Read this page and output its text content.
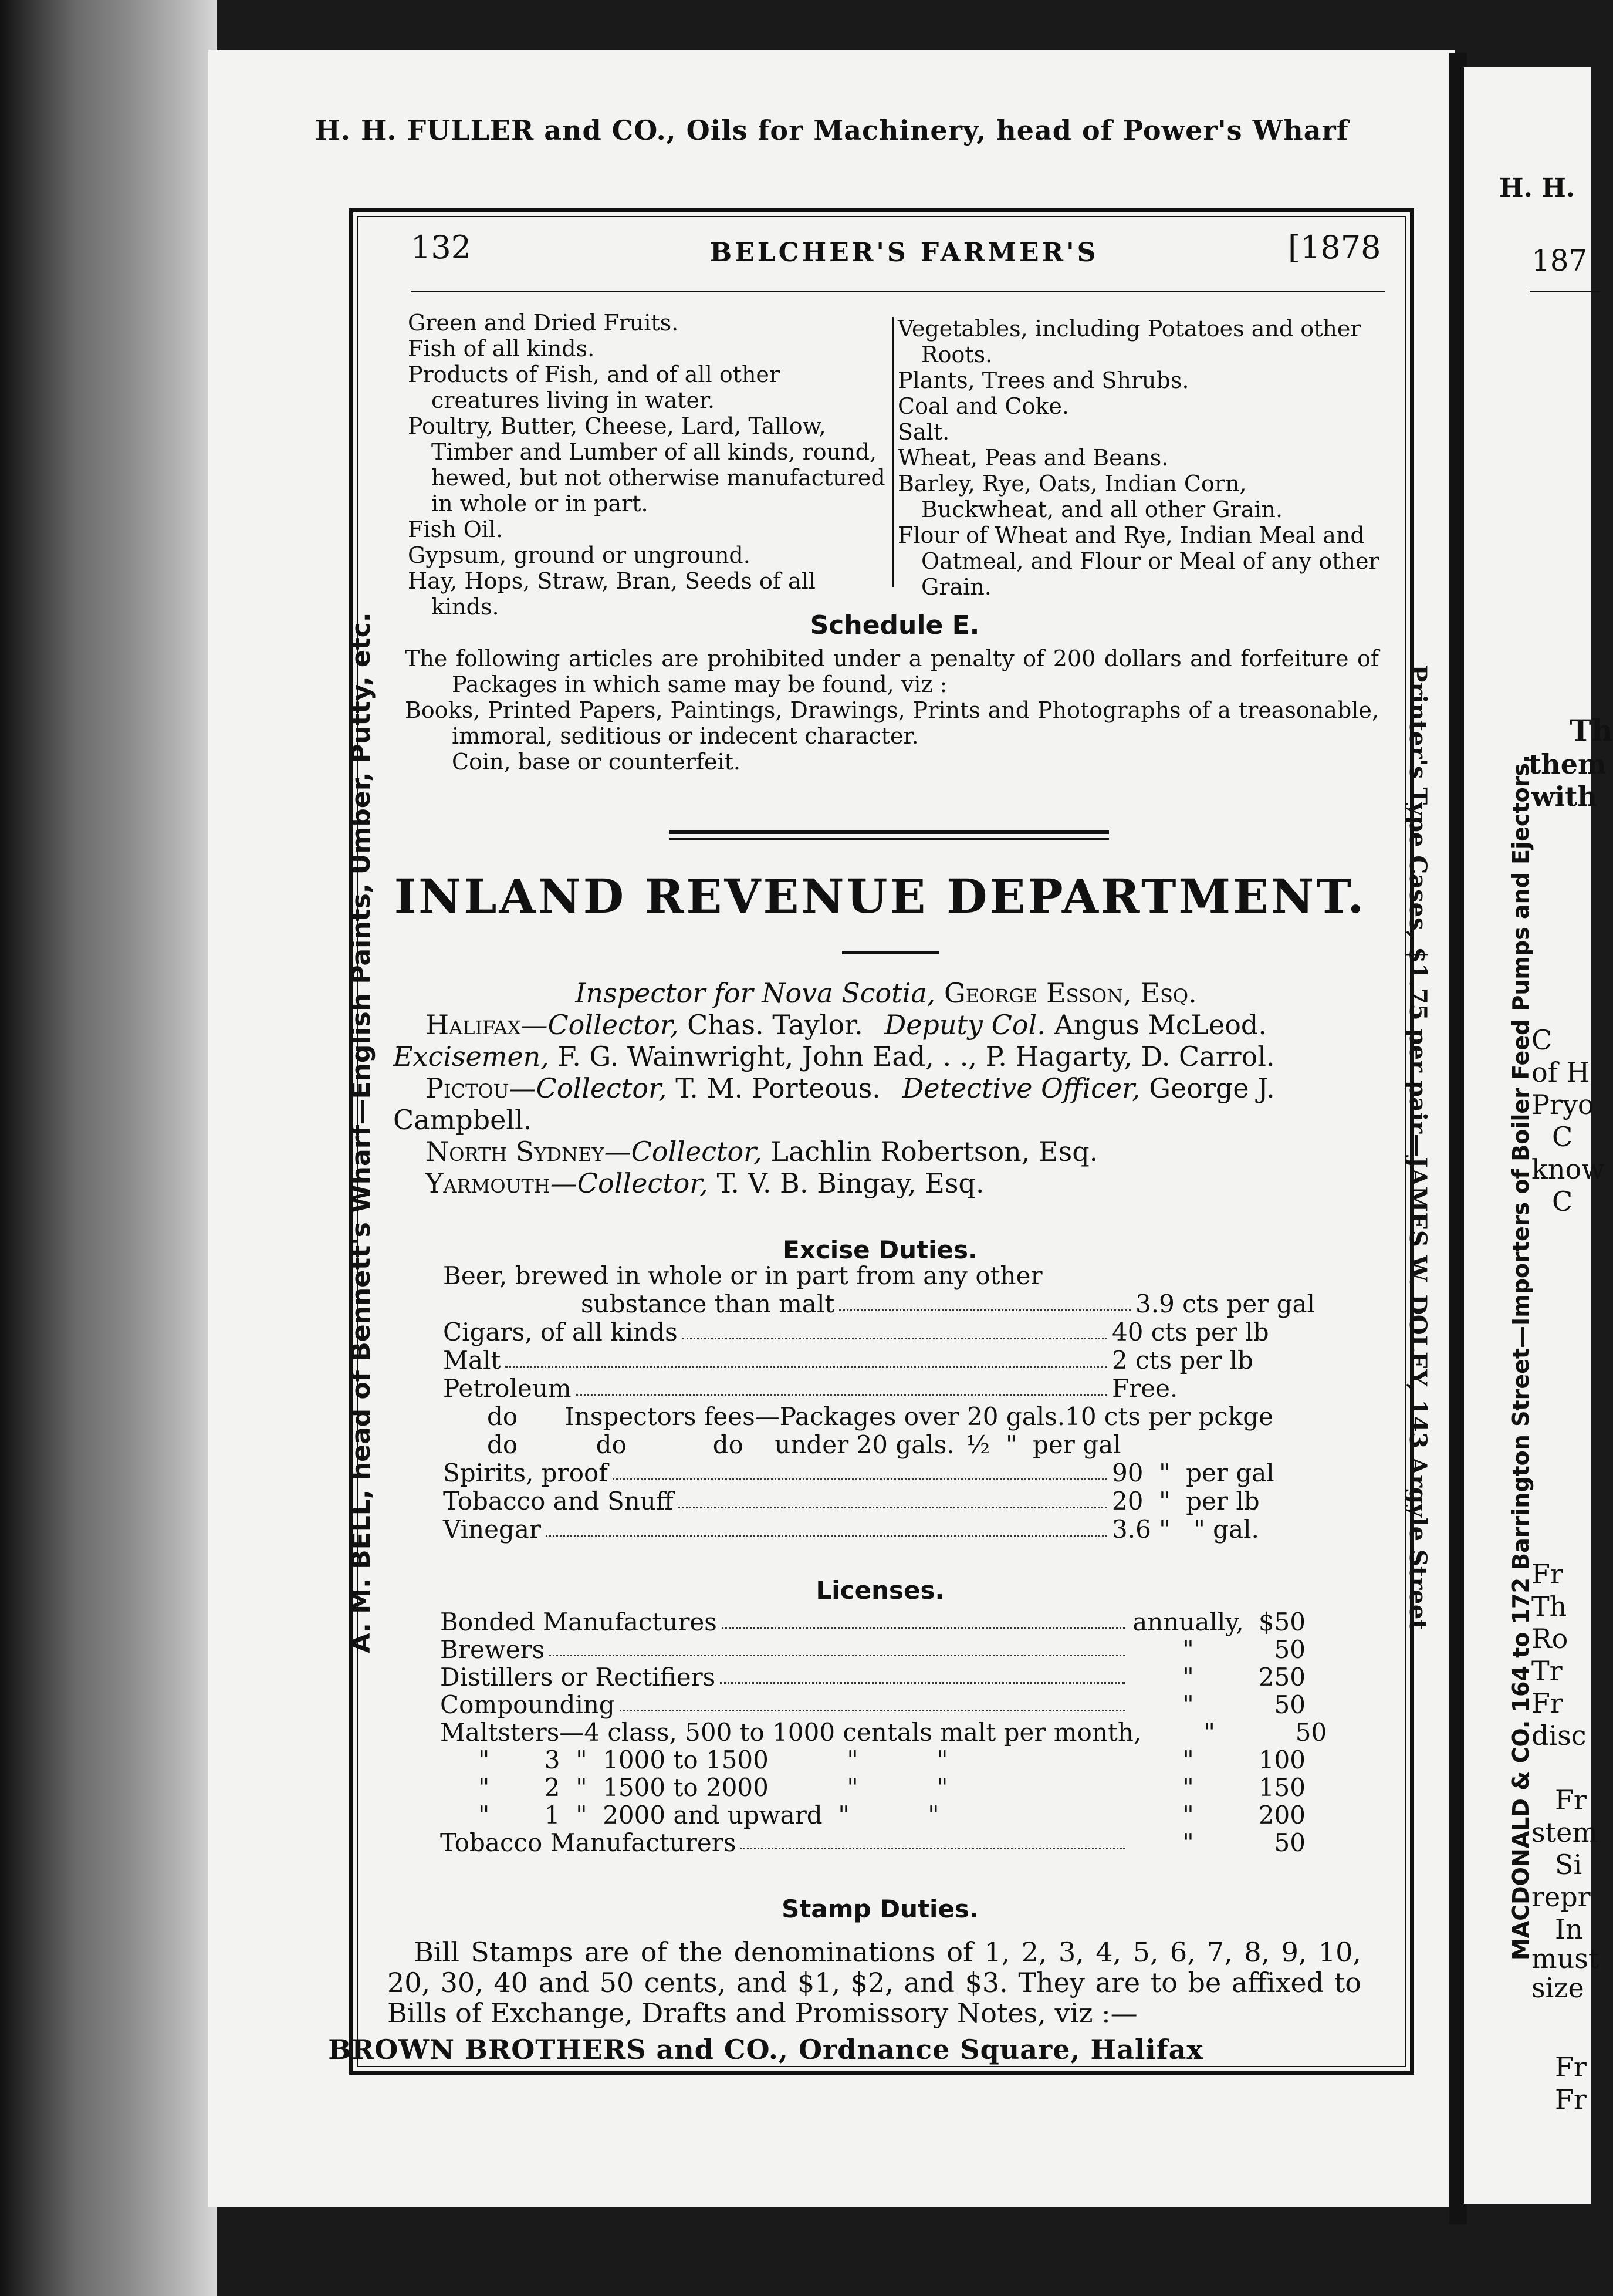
H. H.
187
Th
them
with
C
of H
Pryo
C
know
C
Fr
Th
Ro
Tr
Fr
disc
Fr
stem
Si
repr
In
must
size
Fr
Fr
MACDONALD & CO. 164 to 172 Barrington Street—Importers of Boiler Feed Pumps and Ejectors.
H. H. FULLER and CO., Oils for Machinery, head of Power's Wharf
BROWN BROTHERS and CO., Ordnance Square, Halifax
A. M. BELL, head of Bennett's Wharf—English Paints, Umber, Putty, etc.	Printer's Type Cases, $1.75 per pair—JAMES W. DOLEY, 143 Argyle Street
132	BELCHER'S FARMER'S	[1878
Green and Dried Fruits.
Fish of all kinds.
Products of Fish, and of all other creatures living in water.
Poultry, Butter, Cheese, Lard, Tallow, Timber and Lumber of all kinds, round, hewed, but not otherwise manufactured in whole or in part.
Fish Oil.
Gypsum, ground or unground.
Hay, Hops, Straw, Bran, Seeds of all kinds.
Vegetables, including Potatoes and other Roots.
Plants, Trees and Shrubs.
Coal and Coke.
Salt.
Wheat, Peas and Beans.
Barley, Rye, Oats, Indian Corn, Buckwheat, and all other Grain.
Flour of Wheat and Rye, Indian Meal and Oatmeal, and Flour or Meal of any other Grain.
Schedule E.
The following articles are prohibited under a penalty of 200 dollars and forfeiture of Packages in which same may be found, viz :
Books, Printed Papers, Paintings, Drawings, Prints and Photographs of a treasonable, immoral, seditious or indecent character.
Coin, base or counterfeit.
INLAND REVENUE DEPARTMENT.
Inspector for Nova Scotia, George Esson, Esq.
Halifax—Collector, Chas. Taylor. Deputy Col. Angus McLeod.
Excisemen, F. G. Wainwright, John Ead, . ., P. Hagarty, D. Carrol.
Pictou—Collector, T. M. Porteous. Detective Officer, George J.
Campbell.
North Sydney—Collector, Lachlin Robertson, Esq.
Yarmouth—Collector, T. V. B. Bingay, Esq.
Excise Duties.
Beer, brewed in whole or in part from any other
substance than malt	3.9 cts per gal
Cigars, of all kinds	40 cts per lb
Malt	2 cts per lb
Petroleum	Free.
do      Inspectors fees—Packages over 20 gals. 10 cts per pckge
do          do           do    under 20 gals. ½  "  per gal
Spirits, proof	90  "  per gal
Tobacco and Snuff	20  "  per lb
Vinegar	3.6 "   " gal.
Licenses.
Bonded Manufactures	annually, $50
Brewers	"	50
Distillers or Rectifiers	"	250
Compounding	"	50
Maltsters—4 class, 500 to 1000 centals malt per month,	"	50
"       3  "  1000 to 1500          "          "	"	100
"       2  "  1500 to 2000          "          "	"	150
"       1  "  2000 and upward  "          "	"	200
Tobacco Manufacturers	"	50
Stamp Duties.
Bill Stamps are of the denominations of 1, 2, 3, 4, 5, 6, 7, 8, 9, 10, 20, 30, 40 and 50 cents, and $1, $2, and $3. They are to be affixed to Bills of Exchange, Drafts and Promissory Notes, viz :—
